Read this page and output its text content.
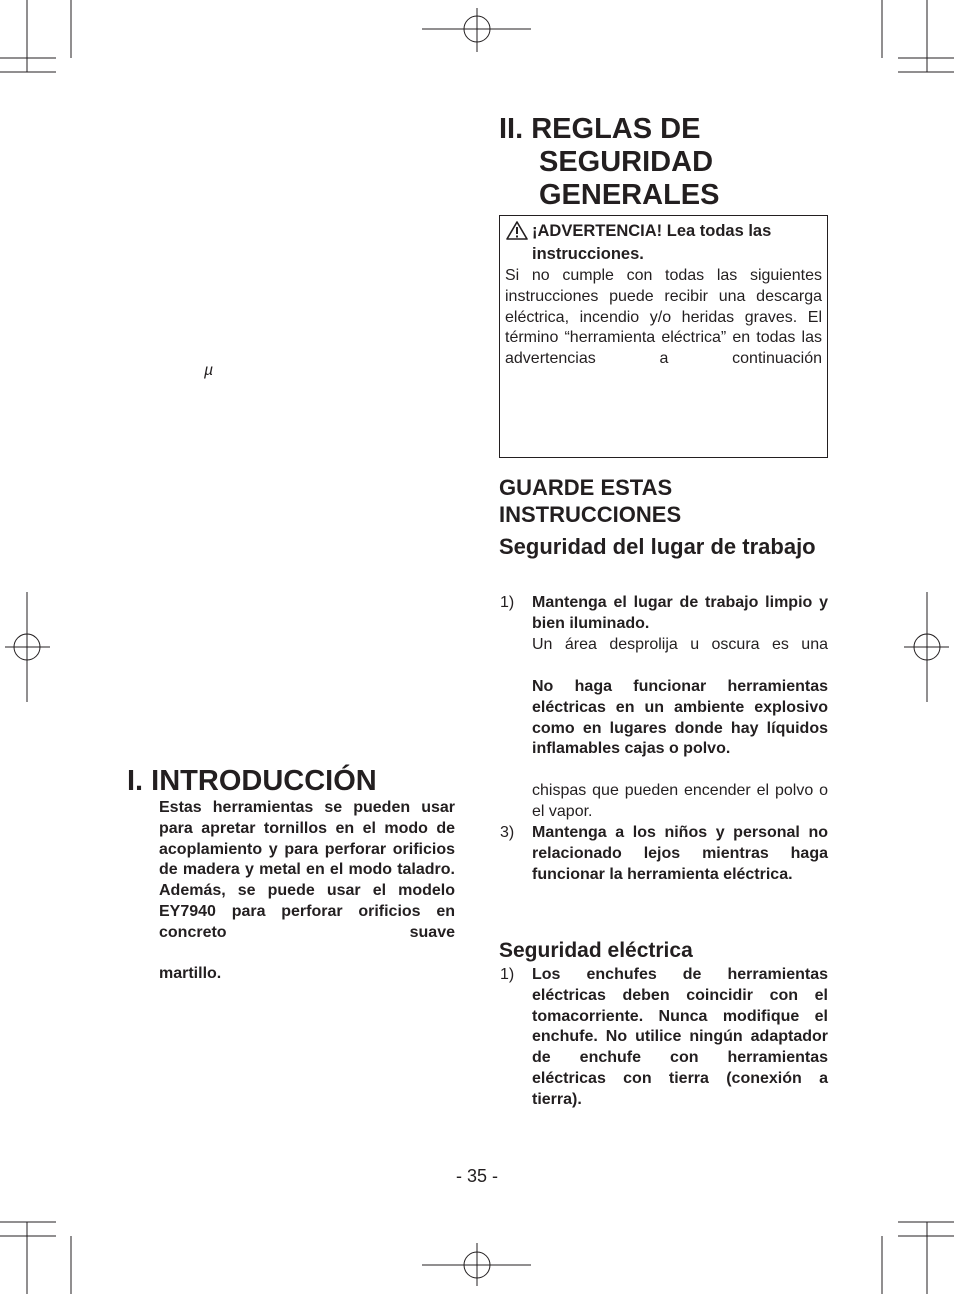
µ
I. INTRODUCCIÓN
Estas herramientas se pueden usar para apretar tornillos en el modo de acoplamiento y para perforar orificios de madera y metal en el modo taladro. Además, se puede usar el modelo EY7940 para perforar orificios en concreto suave
martillo.
II. REGLAS DE
SEGURIDAD
GENERALES
¡ADVERTENCIA! Lea todas las instrucciones.
Si no cumple con todas las siguientes instrucciones puede recibir una descarga eléctrica, incendio y/o heridas graves. El término “herramienta eléctrica” en todas las advertencias a continuación
GUARDE ESTAS INSTRUCCIONES
Seguridad del lugar de trabajo
1) Mantenga el lugar de trabajo limpio y bien iluminado.
Un área desprolija u oscura es una
No haga funcionar herramientas eléctricas en un ambiente explosivo como en lugares donde hay líquidos inflamables cajas o polvo.
chispas que pueden encender el polvo o el vapor.
3) Mantenga a los niños y personal no relacionado lejos mientras haga funcionar la herramienta eléctrica.
Seguridad eléctrica
1) Los enchufes de herramientas eléctricas deben coincidir con el tomacorriente. Nunca modifique el enchufe. No utilice ningún adaptador de enchufe con herramientas eléctricas con tierra (conexión a tierra).
- 35 -
